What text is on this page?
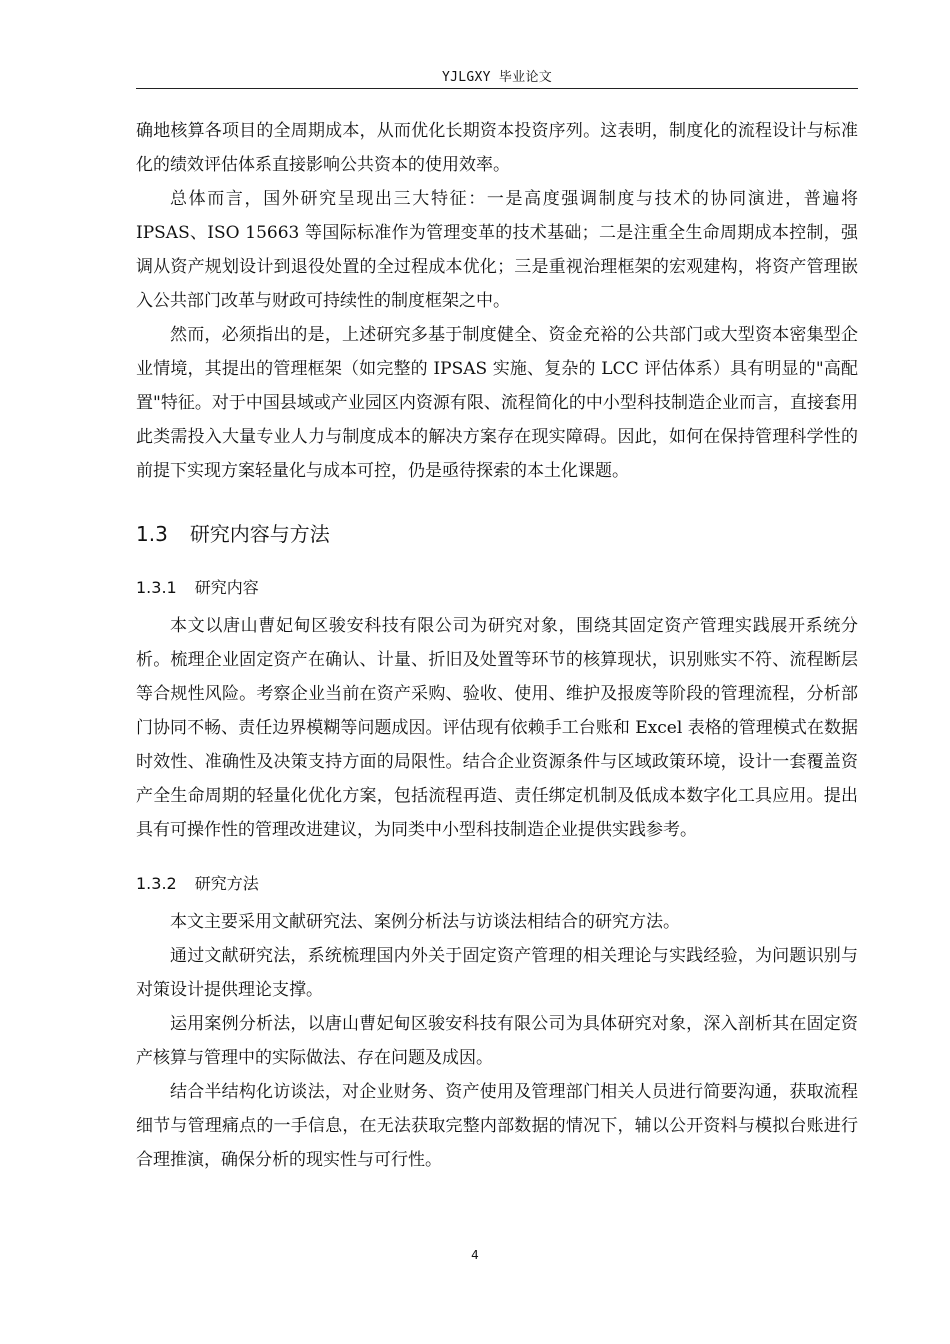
YJLGXY 毕业论文

确地核算各项目的全周期成本，从而优化长期资本投资序列。这表明，制度化的流程设计与标准化的绩效评估体系直接影响公共资本的使用效率。

总体而言，国外研究呈现出三大特征：一是高度强调制度与技术的协同演进，普遍将 IPSAS、ISO 15663 等国际标准作为管理变革的技术基础；二是注重全生命周期成本控制，强调从资产规划设计到退役处置的全过程成本优化；三是重视治理框架的宏观建构，将资产管理嵌入公共部门改革与财政可持续性的制度框架之中。

然而，必须指出的是，上述研究多基于制度健全、资金充裕的公共部门或大型资本密集型企业情境，其提出的管理框架（如完整的 IPSAS 实施、复杂的 LCC 评估体系）具有明显的"高配置"特征。对于中国县域或产业园区内资源有限、流程简化的中小型科技制造企业而言，直接套用此类需投入大量专业人力与制度成本的解决方案存在现实障碍。因此，如何在保持管理科学性的前提下实现方案轻量化与成本可控，仍是亟待探索的本土化课题。

1.3 研究内容与方法
1.3.1 研究内容

本文以唐山曹妃甸区骏安科技有限公司为研究对象，围绕其固定资产管理实践展开系统分析。梳理企业固定资产在确认、计量、折旧及处置等环节的核算现状，识别账实不符、流程断层等合规性风险。考察企业当前在资产采购、验收、使用、维护及报废等阶段的管理流程，分析部门协同不畅、责任边界模糊等问题成因。评估现有依赖手工台账和 Excel 表格的管理模式在数据时效性、准确性及决策支持方面的局限性。结合企业资源条件与区域政策环境，设计一套覆盖资产全生命周期的轻量化优化方案，包括流程再造、责任绑定机制及低成本数字化工具应用。提出具有可操作性的管理改进建议，为同类中小型科技制造企业提供实践参考。

1.3.2 研究方法

本文主要采用文献研究法、案例分析法与访谈法相结合的研究方法。

通过文献研究法，系统梳理国内外关于固定资产管理的相关理论与实践经验，为问题识别与对策设计提供理论支撑。

运用案例分析法，以唐山曹妃甸区骏安科技有限公司为具体研究对象，深入剖析其在固定资产核算与管理中的实际做法、存在问题及成因。

结合半结构化访谈法，对企业财务、资产使用及管理部门相关人员进行简要沟通，获取流程细节与管理痛点的一手信息，在无法获取完整内部数据的情况下，辅以公开资料与模拟台账进行合理推演，确保分析的现实性与可行性。

4
